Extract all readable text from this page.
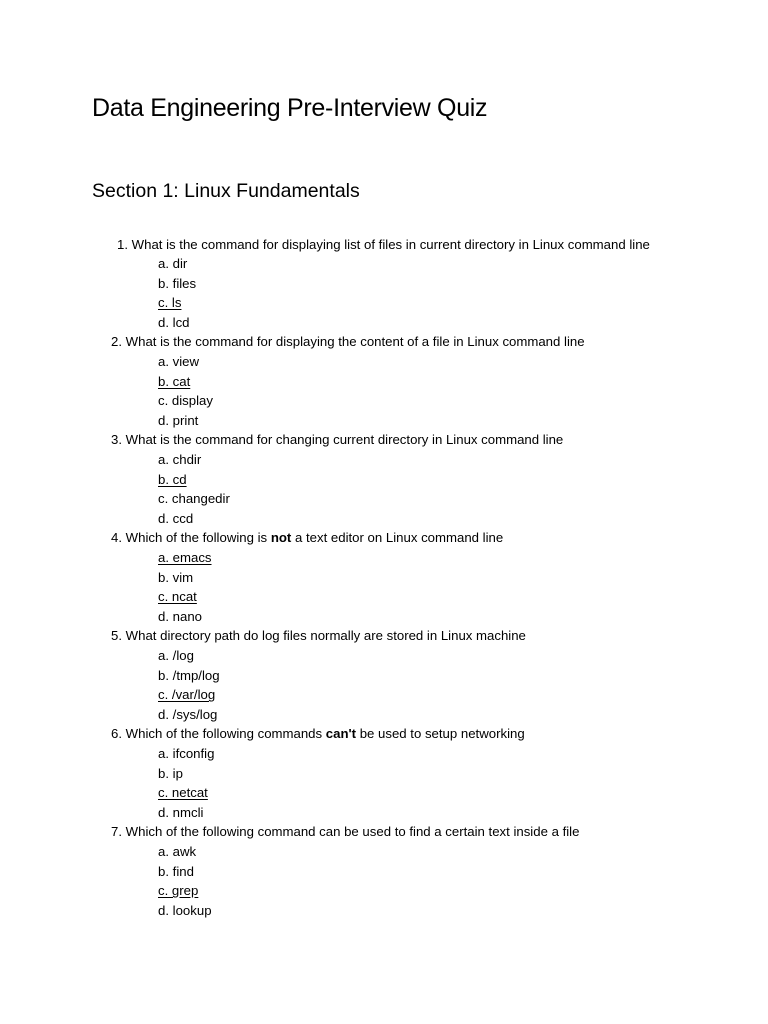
Data Engineering Pre-Interview Quiz
Section 1: Linux Fundamentals
1. What is the command for displaying list of files in current directory in Linux command line
a. dir
b. files
c. ls
d. lcd
2. What is the command for displaying the content of a file in Linux command line
a. view
b. cat
c. display
d. print
3. What is the command for changing current directory in Linux command line
a. chdir
b. cd
c. changedir
d. ccd
4. Which of the following is not a text editor on Linux command line
a. emacs
b. vim
c. ncat
d. nano
5. What directory path do log files normally are stored in Linux machine
a. /log
b. /tmp/log
c. /var/log
d. /sys/log
6. Which of the following commands can't be used to setup networking
a. ifconfig
b. ip
c. netcat
d. nmcli
7. Which of the following command can be used to find a certain text inside a file
a. awk
b. find
c. grep
d. lookup
